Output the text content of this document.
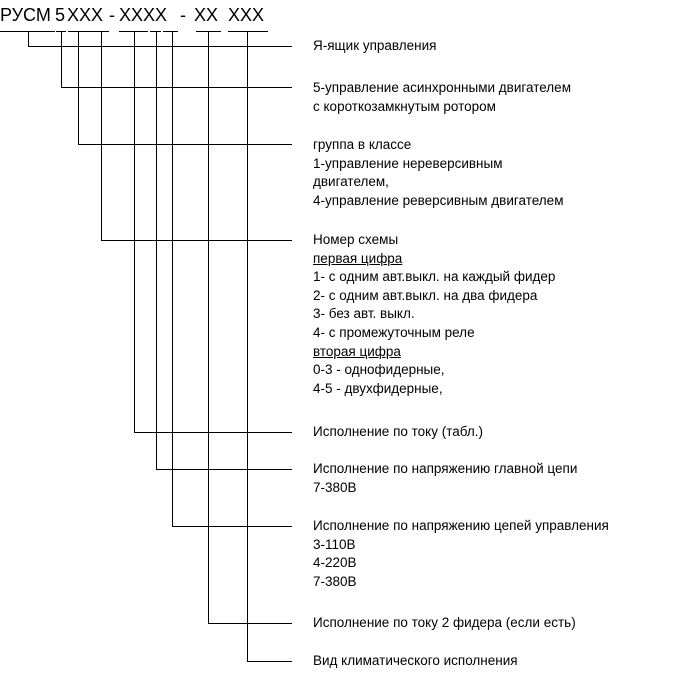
РУСМ 5 ХХХ - ХХХХ - ХХ
ХХХ
Я-ящик управления
5-управление асинхронными двигателем
с короткозамкнутым ротором
группа в классе
1-управление нереверсивным
двигателем,
4-управление реверсивным двигателем
Номер схемы
первая цифра
1- с одним авт.выкл. на каждый фидер
2- с одним авт.выкл. на два фидера
3- без авт. выкл.
4- с промежуточным реле
вторая цифра
0-3 - однофидерные,
4-5 - двухфидерные,
Исполнение по току (табл.)
Исполнение по напряжению главной цепи
7-380В
Исполнение по напряжению цепей управления
3-110В
4-220В
7-380В
Исполнение по току 2 фидера (если есть)
Вид климатического исполнения
